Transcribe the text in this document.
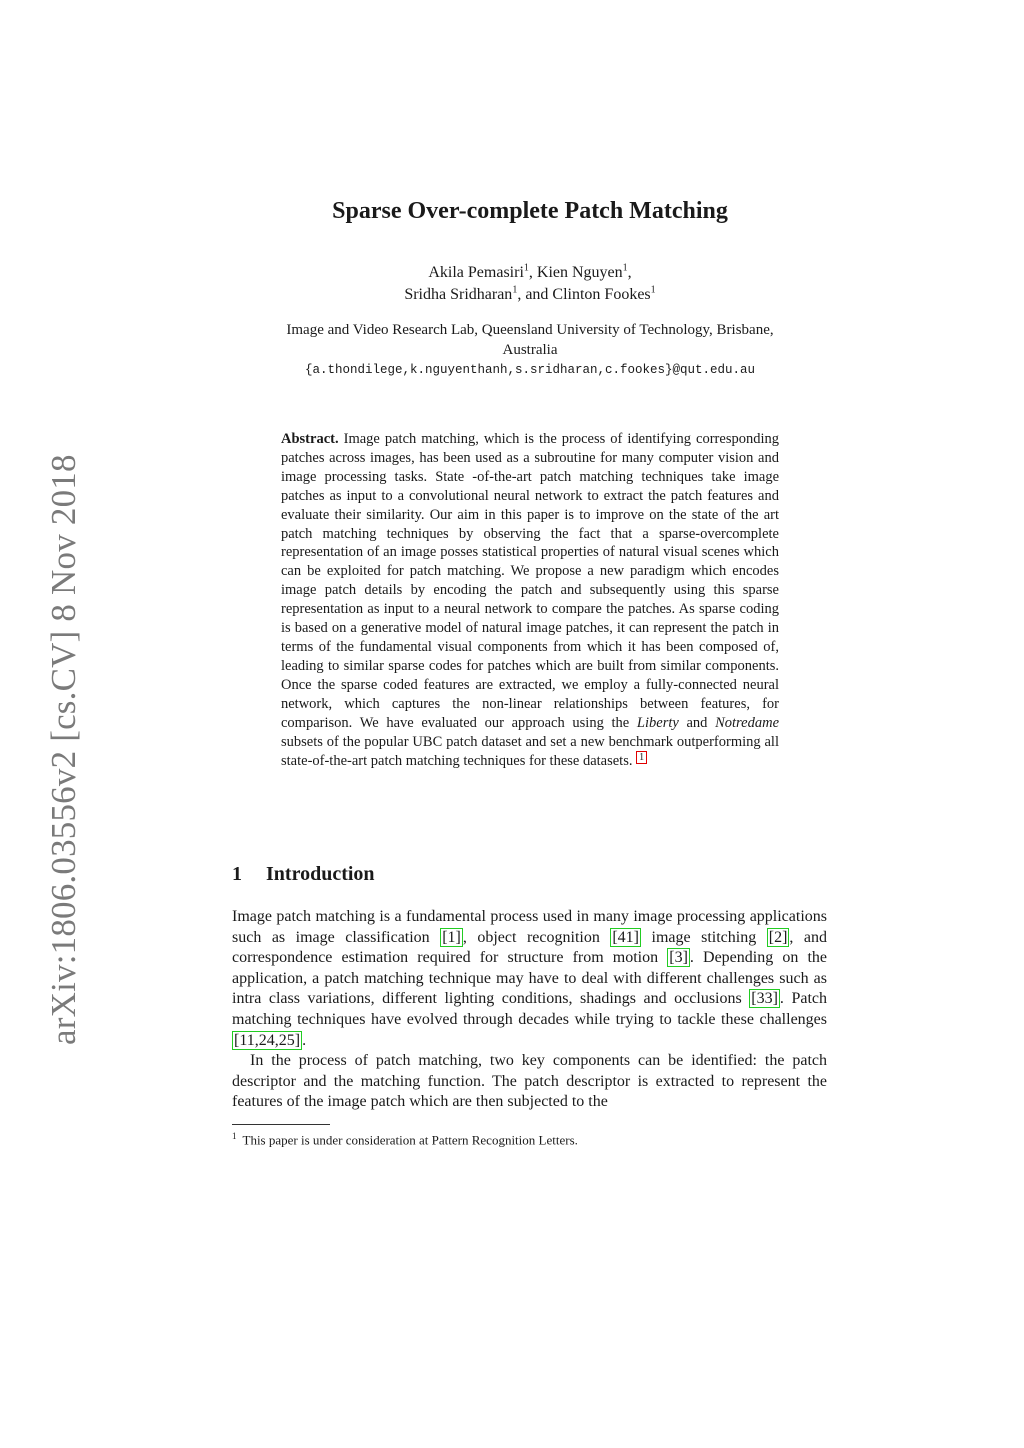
arXiv:1806.03556v2 [cs.CV] 8 Nov 2018
Sparse Over-complete Patch Matching
Akila Pemasiri$^1$, Kien Nguyen$^1$,
Sridha Sridharan$^1$, and Clinton Fookes$^1$
Image and Video Research Lab, Queensland University of Technology, Brisbane,
Australia
{a.thondilege,k.nguyenthanh,s.sridharan,c.fookes}@qut.edu.au
Abstract. Image patch matching, which is the process of identifying corresponding patches across images, has been used as a subroutine for many computer vision and image processing tasks. State -of-the-art patch matching techniques take image patches as input to a convolutional neural network to extract the patch features and evaluate their similarity. Our aim in this paper is to improve on the state of the art patch matching techniques by observing the fact that a sparse-overcomplete representation of an image posses statistical properties of natural visual scenes which can be exploited for patch matching. We propose a new paradigm which encodes image patch details by encoding the patch and subsequently using this sparse representation as input to a neural network to compare the patches. As sparse coding is based on a generative model of natural image patches, it can represent the patch in terms of the fundamental visual components from which it has been composed of, leading to similar sparse codes for patches which are built from similar components. Once the sparse coded features are extracted, we employ a fully-connected neural network, which captures the non-linear relationships between features, for comparison. We have evaluated our approach using the Liberty and Notredame subsets of the popular UBC patch dataset and set a new benchmark outperforming all state-of-the-art patch matching techniques for these datasets. 1
1 Introduction

Image patch matching is a fundamental process used in many image processing applications such as image classification [1] , object recognition [41] image stitching [2] , and correspondence estimation required for structure from motion [3] . Depending on the application, a patch matching technique may have to deal with different challenges such as intra class variations, different lighting conditions, shadings and occlusions [33] . Patch matching techniques have evolved through decades while trying to tackle these challenges [11,24,25] .

In the process of patch matching, two key components can be identified: the patch descriptor and the matching function. The patch descriptor is extracted to represent the features of the image patch which are then subjected to the

$^1$ This paper is under consideration at Pattern Recognition Letters.
